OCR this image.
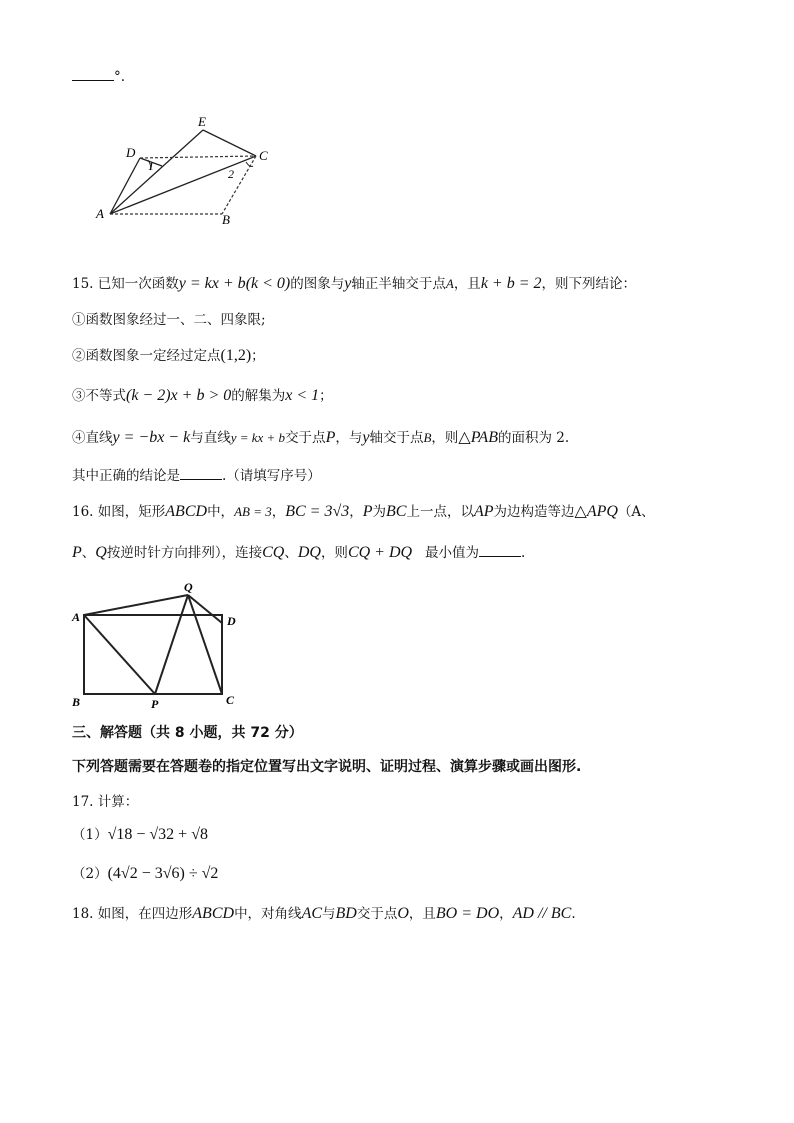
°.
E
D	C
A	B
1
2
15. 已知一次函数y = kx + b(k < 0)的图象与y轴正半轴交于点A，且k + b = 2，则下列结论：
①函数图象经过一、二、四象限;
②函数图象一定经过定点(1,2)；
③不等式(k − 2)x + b > 0的解集为x < 1；
④直线y = −bx − k与直线y = kx + b交于点P，与y轴交于点B，则△PAB的面积为 2.
其中正确的结论是	.（请填写序号）
16. 如图，矩形ABCD中，AB = 3，BC = 3√3，P为BC上一点，以AP为边构造等边△APQ（A、
P、Q按逆时针方向排列），连接CQ、DQ，则CQ + DQ 最小值为	.
Q
A	D
B	P	C
三、解答题（共 8 小题，共 72 分）
下列答题需要在答题卷的指定位置写出文字说明、证明过程、演算步骤或画出图形.
17. 计算：
（1）√18 − √32 + √8
（2）(4√2 − 3√6) ÷ √2
18. 如图，在四边形ABCD中，对角线AC与BD交于点O，且BO = DO，AD // BC.
